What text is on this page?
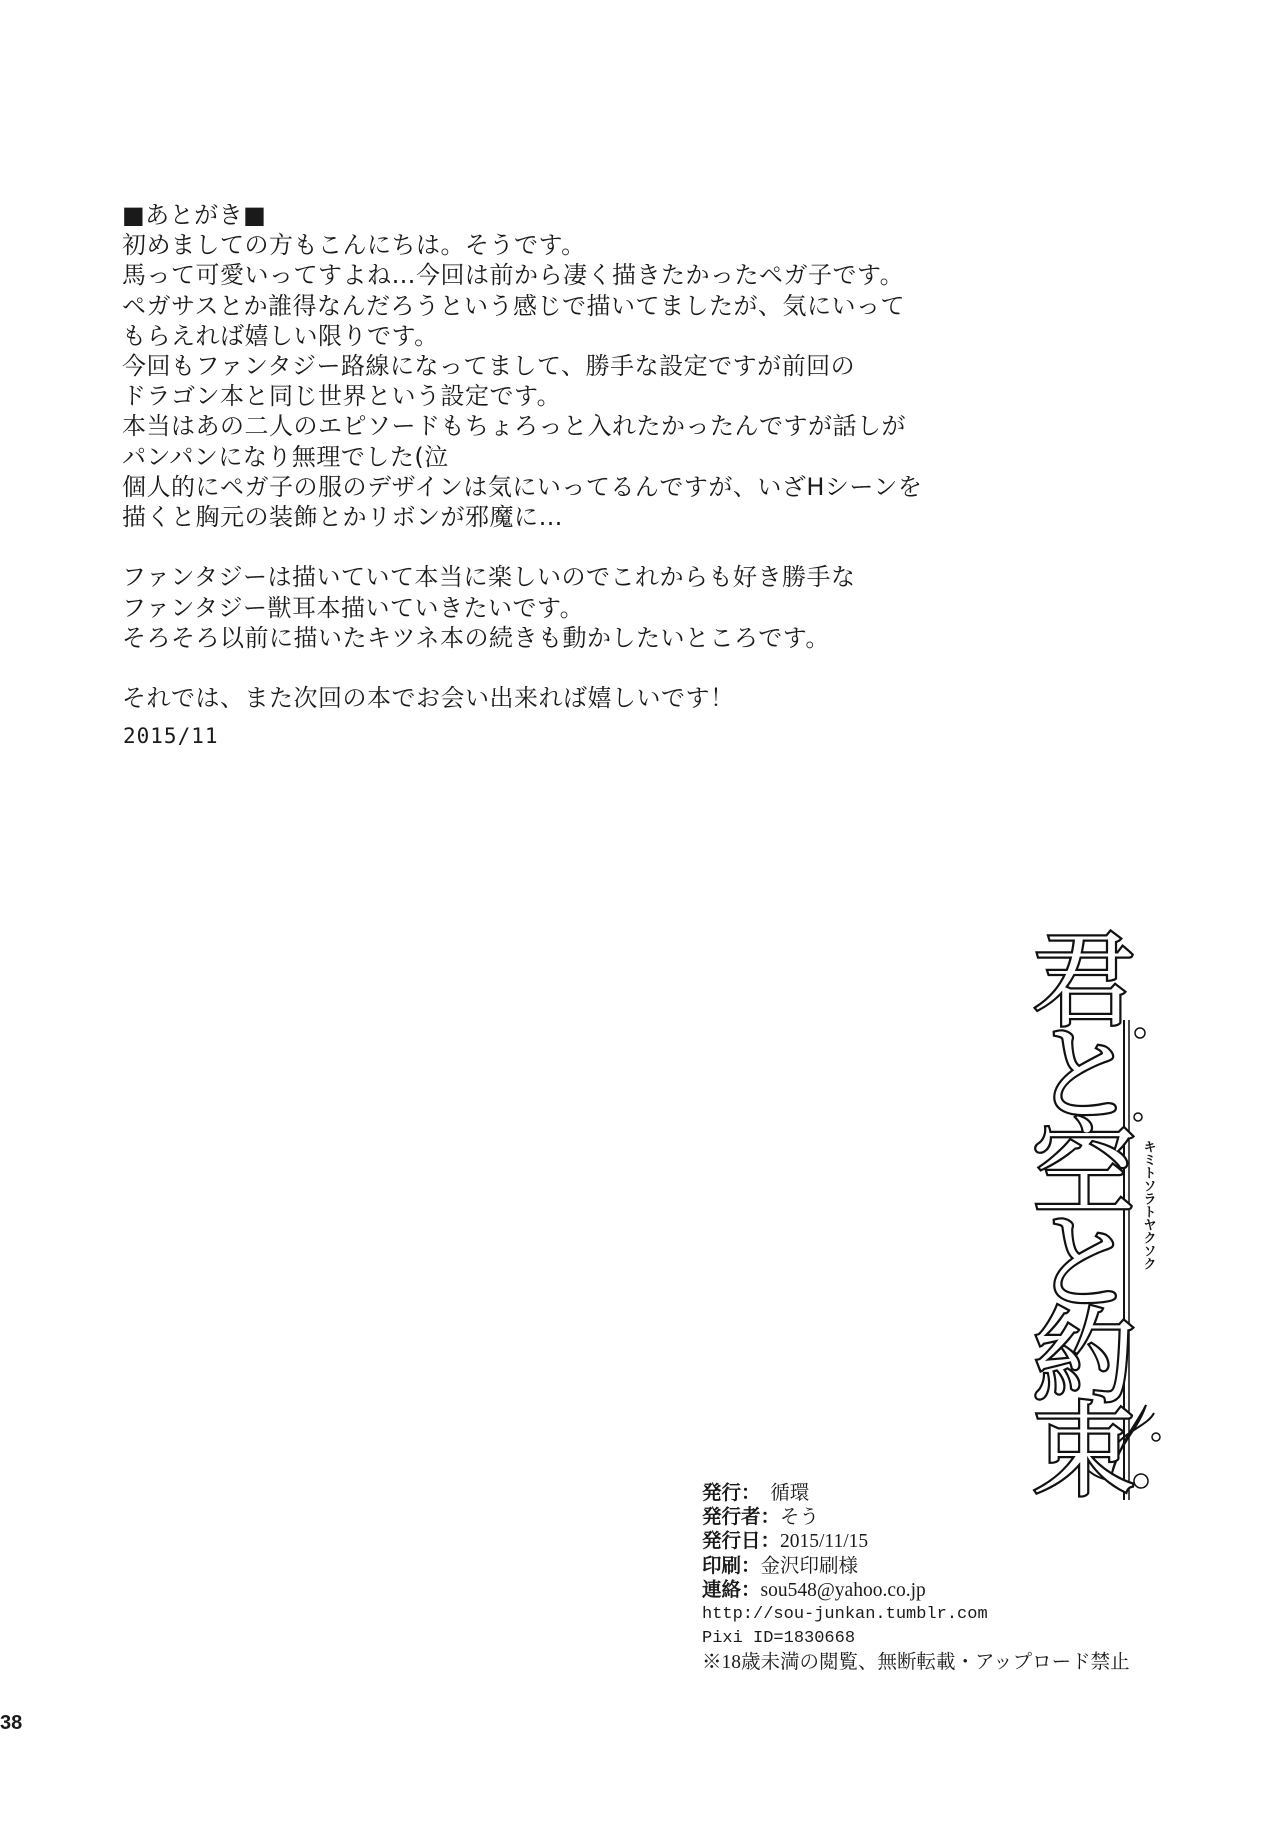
■あとがき■
初めましての方もこんにちは。そうです。
馬って可愛いってすよね…今回は前から凄く描きたかったペガ子です。
ペガサスとか誰得なんだろうという感じで描いてましたが、気にいって
もらえれば嬉しい限りです。
今回もファンタジー路線になってまして、勝手な設定ですが前回の
ドラゴン本と同じ世界という設定です。
本当はあの二人のエピソードもちょろっと入れたかったんですが話しが
パンパンになり無理でした(泣
個人的にペガ子の服のデザインは気にいってるんですが、いざHシーンを
描くと胸元の装飾とかリボンが邪魔に…
ファンタジーは描いていて本当に楽しいのでこれからも好き勝手な
ファンタジー獣耳本描いていきたいです。
そろそろ以前に描いたキツネ本の続きも動かしたいところです。
それでは、また次回の本でお会い出来れば嬉しいです！
2015/11
君
と
空
と
約
束
キミトソラトヤクソク
発行： 循環
発行者：そう
発行日：2015/11/15
印刷：金沢印刷様
連絡：sou548@yahoo.co.jp
http://sou-junkan.tumblr.com
Pixi ID=1830668
※18歳未満の閲覧、無断転載・アップロード禁止
38
